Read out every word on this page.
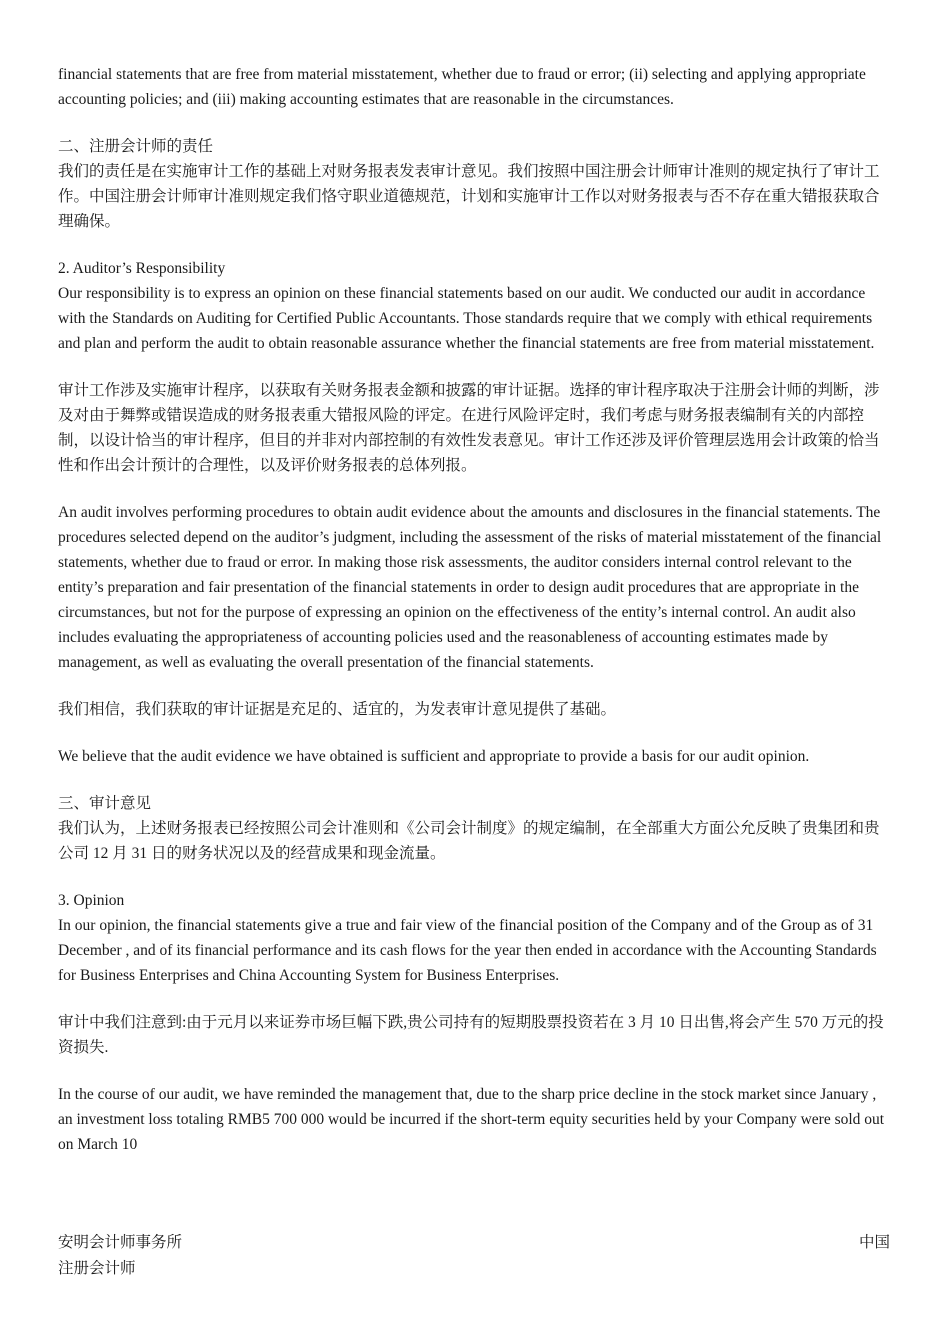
financial statements that are free from material misstatement, whether due to fraud or error; (ii) selecting and applying appropriate accounting policies; and (iii) making accounting estimates that are reasonable in the circumstances.

二、注册会计师的责任

我们的责任是在实施审计工作的基础上对财务报表发表审计意见。我们按照中国注册会计师审计准则的规定执行了审计工作。中国注册会计师审计准则规定我们恪守职业道德规范，计划和实施审计工作以对财务报表与否不存在重大错报获取合理确保。

2. Auditor’s Responsibility

Our responsibility is to express an opinion on these financial statements based on our audit. We conducted our audit in accordance with the Standards on Auditing for Certified Public Accountants. Those standards require that we comply with ethical requirements and plan and perform the audit to obtain reasonable assurance whether the financial statements are free from material misstatement.

审计工作涉及实施审计程序，以获取有关财务报表金额和披露的审计证据。选择的审计程序取决于注册会计师的判断，涉及对由于舞弊或错误造成的财务报表重大错报风险的评定。在进行风险评定时，我们考虑与财务报表编制有关的内部控制，以设计恰当的审计程序，但目的并非对内部控制的有效性发表意见。审计工作还涉及评价管理层选用会计政策的恰当性和作出会计预计的合理性，以及评价财务报表的总体列报。

An audit involves performing procedures to obtain audit evidence about the amounts and disclosures in the financial statements. The procedures selected depend on the auditor’s judgment, including the assessment of the risks of material misstatement of the financial statements, whether due to fraud or error. In making those risk assessments, the auditor considers internal control relevant to the entity’s preparation and fair presentation of the financial statements in order to design audit procedures that are appropriate in the circumstances, but not for the purpose of expressing an opinion on the effectiveness of the entity’s internal control. An audit also includes evaluating the appropriateness of accounting policies used and the reasonableness of accounting estimates made by management, as well as evaluating the overall presentation of the financial statements.

我们相信，我们获取的审计证据是充足的、适宜的，为发表审计意见提供了基础。

We believe that the audit evidence we have obtained is sufficient and appropriate to provide a basis for our audit opinion.

三、审计意见

我们认为，上述财务报表已经按照公司会计准则和《公司会计制度》的规定编制，在全部重大方面公允反映了贵集团和贵公司 12 月 31 日的财务状况以及的经营成果和现金流量。

3. Opinion

In our opinion, the financial statements give a true and fair view of the financial position of the Company and of the Group as of 31 December , and of its financial performance and its cash flows for the year then ended in accordance with the Accounting Standards for Business Enterprises and China Accounting System for Business Enterprises.

审计中我们注意到:由于元月以来证券市场巨幅下跌,贵公司持有的短期股票投资若在 3 月 10 日出售,将会产生 570 万元的投资损失.

In the course of our audit, we have reminded the management that, due to the sharp price decline in the stock market since January , an investment loss totaling RMB5 700 000 would be incurred if the short-term equity securities held by your Company were sold out on March 10

安明会计师事务所	中国
注册会计师
